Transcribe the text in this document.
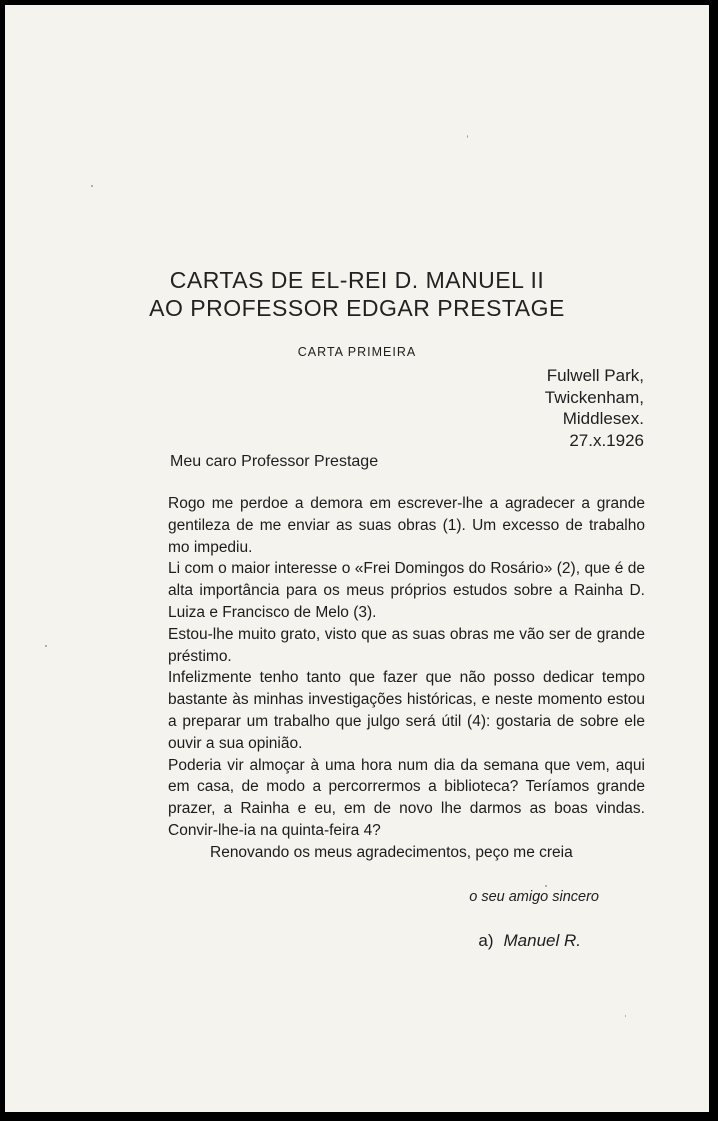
CARTAS DE EL-REI D. MANUEL II
AO PROFESSOR EDGAR PRESTAGE
CARTA PRIMEIRA
Fulwell Park,
Twickenham,
Middlesex.
27.x.1926
Meu caro Professor Prestage

Rogo me perdoe a demora em escrever-lhe a agradecer a grande gentileza de me enviar as suas obras (1). Um excesso de trabalho mo impediu.

Li com o maior interesse o «Frei Domingos do Rosário» (2), que é de alta importância para os meus próprios estudos sobre a Rainha D. Luiza e Francisco de Melo (3).

Estou-lhe muito grato, visto que as suas obras me vão ser de grande préstimo.

Infelizmente tenho tanto que fazer que não posso dedicar tempo bastante às minhas investigações históricas, e neste momento estou a preparar um trabalho que julgo será útil (4): gostaria de sobre ele ouvir a sua opinião.

Poderia vir almoçar à uma hora num dia da semana que vem, aqui em casa, de modo a percorrermos a biblioteca? Teríamos grande prazer, a Rainha e eu, em de novo lhe darmos as boas vindas. Convir-lhe-ia na quinta-feira 4?

Renovando os meus agradecimentos, peço me creia

o seu amigo sincero
a) Manuel R.
